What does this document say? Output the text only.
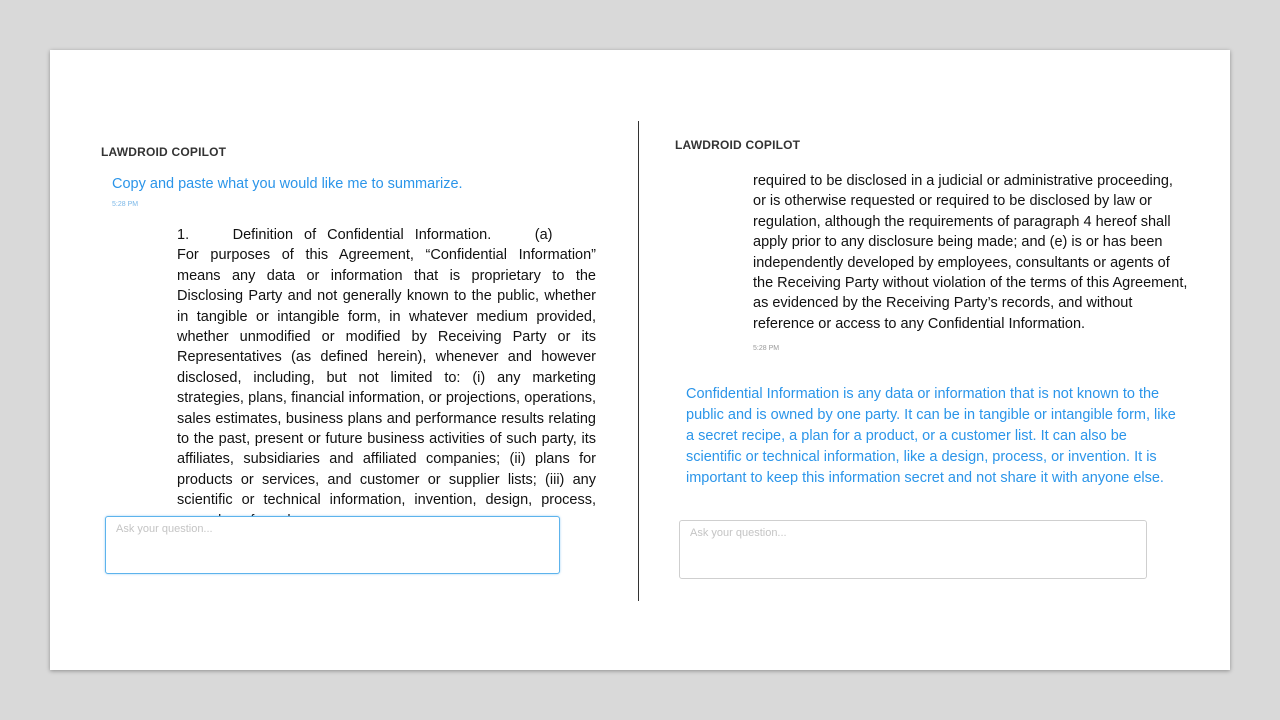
LAWDROID COPILOT
Copy and paste what you would like me to summarize.
5:28 PM
1.   Definition of Confidential Information.   (a)   For purposes of this Agreement, “Confidential Information” means any data or information that is proprietary to the Disclosing Party and not generally known to the public, whether in tangible or intangible form, in whatever medium provided, whether unmodified or modified by Receiving Party or its Representatives (as defined herein), whenever and however disclosed, including, but not limited to: (i) any marketing strategies, plans, financial information, or projections, operations, sales estimates, business plans and performance results relating to the past, present or future business activities of such party, its affiliates, subsidiaries and affiliated companies; (ii) plans for products or services, and customer or supplier lists; (iii) any scientific or technical information, invention, design, process,
Ask your question...
LAWDROID COPILOT
required to be disclosed in a judicial or administrative proceeding, or is otherwise requested or required to be disclosed by law or regulation, although the requirements of paragraph 4 hereof shall apply prior to any disclosure being made; and (e) is or has been independently developed by employees, consultants or agents of the Receiving Party without violation of the terms of this Agreement, as evidenced by the Receiving Party’s records, and without reference or access to any Confidential Information.
5:28 PM
Confidential Information is any data or information that is not known to the public and is owned by one party. It can be in tangible or intangible form, like a secret recipe, a plan for a product, or a customer list. It can also be scientific or technical information, like a design, process, or invention. It is important to keep this information secret and not share it with anyone else.
Ask your question...
